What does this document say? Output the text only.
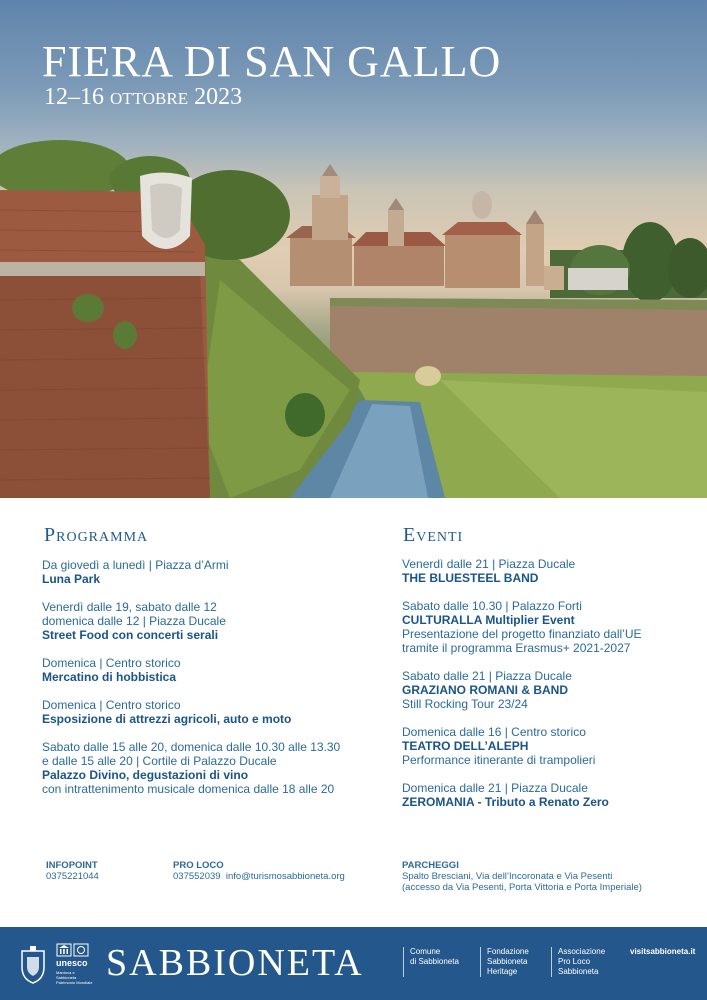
FIERA DI SAN GALLO

12–16 ottobre 2023

Programma
Da giovedì a lunedì | Piazza d’Armi
Luna Park
Venerdì dalle 19, sabato dalle 12
domenica dalle 12 | Piazza Ducale
Street Food con concerti serali
Domenica | Centro storico
Mercatino di hobbistica
Domenica | Centro storico
Esposizione di attrezzi agricoli, auto e moto
Sabato dalle 15 alle 20, domenica dalle 10.30 alle 13.30
e dalle 15 alle 20 | Cortile di Palazzo Ducale
Palazzo Divino, degustazioni di vino
con intrattenimento musicale domenica dalle 18 alle 20
Eventi
Venerdì dalle 21 | Piazza Ducale
THE BLUESTEEL BAND
Sabato dalle 10.30 | Palazzo Forti
CULTURALLA Multiplier Event
Presentazione del progetto finanziato dall’UE
tramite il programma Erasmus+ 2021-2027
Sabato dalle 21 | Piazza Ducale
GRAZIANO ROMANI & BAND
Still Rocking Tour 23/24
Domenica dalle 16 | Centro storico
TEATRO DELL’ALEPH
Performance itinerante di trampolieri
Domenica dalle 21 | Piazza Ducale
ZEROMANIA - Tributo a Renato Zero
INFOPOINT
0375221044
PRO LOCO
037552039 info@turismosabbioneta.org
PARCHEGGI
Spalto Bresciani, Via dell’Incoronata e Via Pesenti
(accesso da Via Pesenti, Porta Vittoria e Porta Imperiale)
unesco
Mantova e Sabbioneta Patrimonio Mondiale SABBIONETA	Comune
di Sabbioneta
Fondazione
Sabbioneta
Heritage
Associazione
Pro Loco
Sabbioneta
visitsabbioneta.it
